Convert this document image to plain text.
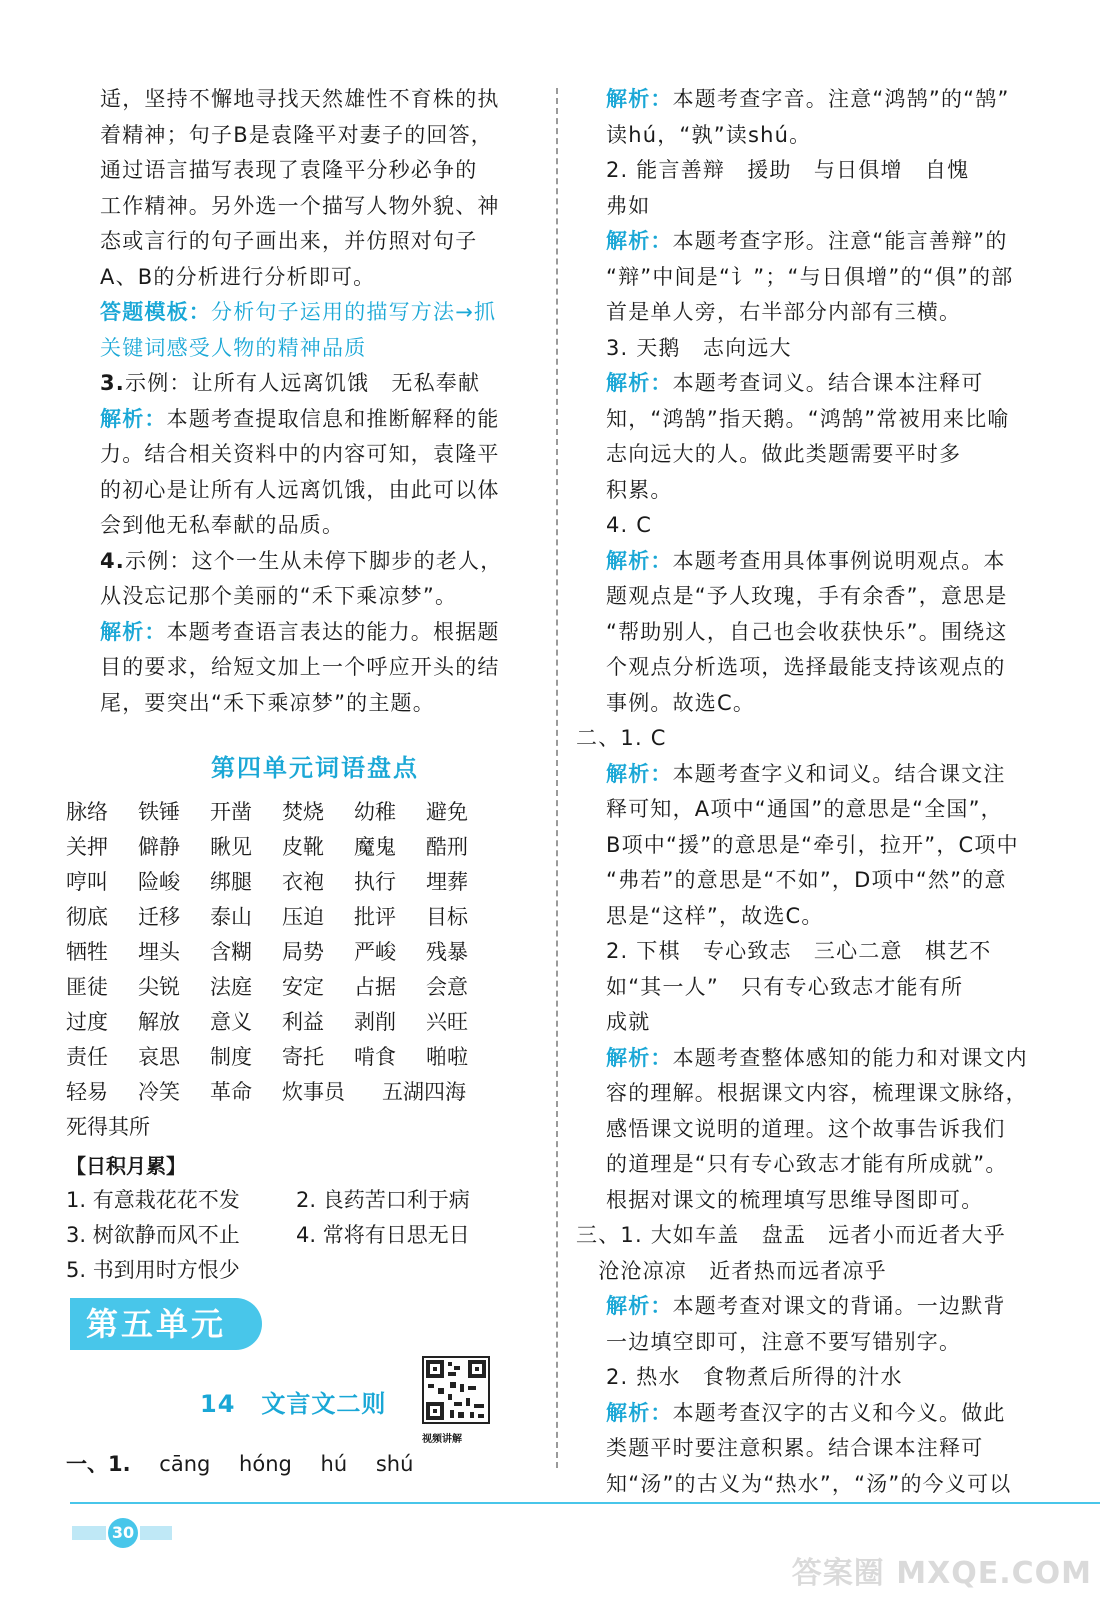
适，坚持不懈地寻找天然雄性不育株的执
着精神；句子B是袁隆平对妻子的回答，
通过语言描写表现了袁隆平分秒必争的
工作精神。另外选一个描写人物外貌、神
态或言行的句子画出来，并仿照对句子
A、B的分析进行分析即可。
答题模板：分析句子运用的描写方法→抓
关键词感受人物的精神品质
3.示例：让所有人远离饥饿　无私奉献
解析：本题考查提取信息和推断解释的能
力。结合相关资料中的内容可知，袁隆平
的初心是让所有人远离饥饿，由此可以体
会到他无私奉献的品质。
4.示例：这个一生从未停下脚步的老人，
从没忘记那个美丽的“禾下乘凉梦”。
解析：本题考查语言表达的能力。根据题
目的要求，给短文加上一个呼应开头的结
尾，要突出“禾下乘凉梦”的主题。
第四单元词语盘点
脉络	铁锤	开凿	焚烧	幼稚	避免
关押	僻静	瞅见	皮靴	魔鬼	酷刑
哼叫	险峻	绑腿	衣袍	执行	埋葬
彻底	迁移	泰山	压迫	批评	目标
牺牲	埋头	含糊	局势	严峻	残暴
匪徒	尖锐	法庭	安定	占据	会意
过度	解放	意义	利益	剥削	兴旺
责任	哀思	制度	寄托	啃食	啪啦
轻易	冷笑	革命	炊事员	五湖四海
死得其所
【日积月累】
1. 有意栽花花不发	2. 良药苦口利于病
3. 树欲静而风不止	4. 常将有日思无日
5. 书到用时方恨少
第五单元
14 文言文二则
视频讲解
一、1. cāng hóng hú shú
解析：本题考查字音。注意“鸿鹄”的“鹄”
读hú，“孰”读shú。
2. 能言善辩　援助　与日俱增　自愧
弗如
解析：本题考查字形。注意“能言善辩”的
“辩”中间是“讠”；“与日俱增”的“俱”的部
首是单人旁，右半部分内部有三横。
3. 天鹅　志向远大
解析：本题考查词义。结合课本注释可
知，“鸿鹄”指天鹅。“鸿鹄”常被用来比喻
志向远大的人。做此类题需要平时多
积累。
4. C
解析：本题考查用具体事例说明观点。本
题观点是“予人玫瑰，手有余香”，意思是
“帮助别人，自己也会收获快乐”。围绕这
个观点分析选项，选择最能支持该观点的
事例。故选C。
二、1. C
解析：本题考查字义和词义。结合课文注
释可知，A项中“通国”的意思是“全国”，
B项中“援”的意思是“牵引，拉开”，C项中
“弗若”的意思是“不如”，D项中“然”的意
思是“这样”，故选C。
2. 下棋　专心致志　三心二意　棋艺不
如“其一人”　只有专心致志才能有所
成就
解析：本题考查整体感知的能力和对课文内
容的理解。根据课文内容，梳理课文脉络，
感悟课文说明的道理。这个故事告诉我们
的道理是“只有专心致志才能有所成就”。
根据对课文的梳理填写思维导图即可。
三、1. 大如车盖　盘盂　远者小而近者大乎
　沧沧凉凉　近者热而远者凉乎
解析：本题考查对课文的背诵。一边默背
一边填空即可，注意不要写错别字。
2. 热水　食物煮后所得的汁水
解析：本题考查汉字的古义和今义。做此
类题平时要注意积累。结合课本注释可
知“汤”的古义为“热水”，“汤”的今义可以
30
答案圈 MXQE.COM
